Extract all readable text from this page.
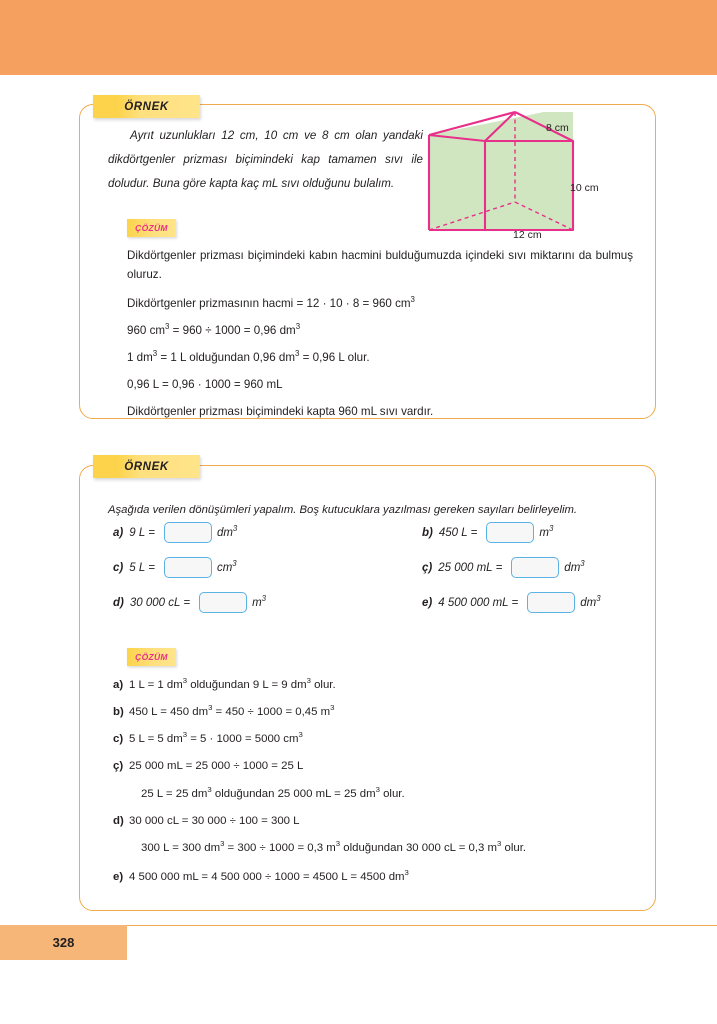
ÖRNEK
Ayrıt uzunlukları 12 cm, 10 cm ve 8 cm olan yandaki dikdörtgenler prizması biçimindeki kap tamamen sıvı ile doludur. Buna göre kapta kaç mL sıvı olduğunu bulalım.
8 cm
10 cm
12 cm
ÇÖZÜM
Dikdörtgenler prizması biçimindeki kabın hacmini bulduğumuzda içindeki sıvı miktarını da bulmuş oluruz.
Dikdörtgenler prizmasının hacmi = 12 · 10 · 8 = 960 $cm^3$
960 $cm^3 = 960 \div 1000 = 0,96$ $dm^3$
1 $dm^3 = 1$ L olduğundan 0,96 $dm^3 = 0,96$ L olur.
0,96 L = 0,96 · 1000 = 960 mL
Dikdörtgenler prizması biçimindeki kapta 960 mL sıvı vardır.
ÖRNEK
Aşağıda verilen dönüşümleri yapalım. Boş kutucuklara yazılması gereken sayıları belirleyelim.
a) 9 L =	$dm^3$	b) 450 L =	$m^3$
c) 5 L =	$cm^3$	ç) 25 000 mL =	$dm^3$
d) 30 000 cL =	$m^3$	e) 4 500 000 mL =	$dm^3$
ÇÖZÜM
a) 1 L = 1 $dm^3$ olduğundan 9 L = 9 $dm^3$ olur.
b) 450 L = 450 $dm^3 = 450 \div 1000 = 0,45$ $m^3$
c) 5 L = 5 $dm^3 = 5 \cdot 1000 = 5000$ $cm^3$
ç) 25 000 mL = 25 000 ÷ 1000 = 25 L
25 L = 25 $dm^3$ olduğundan 25 000 mL = 25 $dm^3$ olur.
d) 30 000 cL = 30 000 ÷ 100 = 300 L
300 L = 300 $dm^3 = 300 \div 1000 = 0,3$ $m^3$ olduğundan 30 000 cL = 0,3 $m^3$ olur.
e) 4 500 000 mL = 4 500 000 ÷ 1000 = 4500 L = 4500 $dm^3$
328
